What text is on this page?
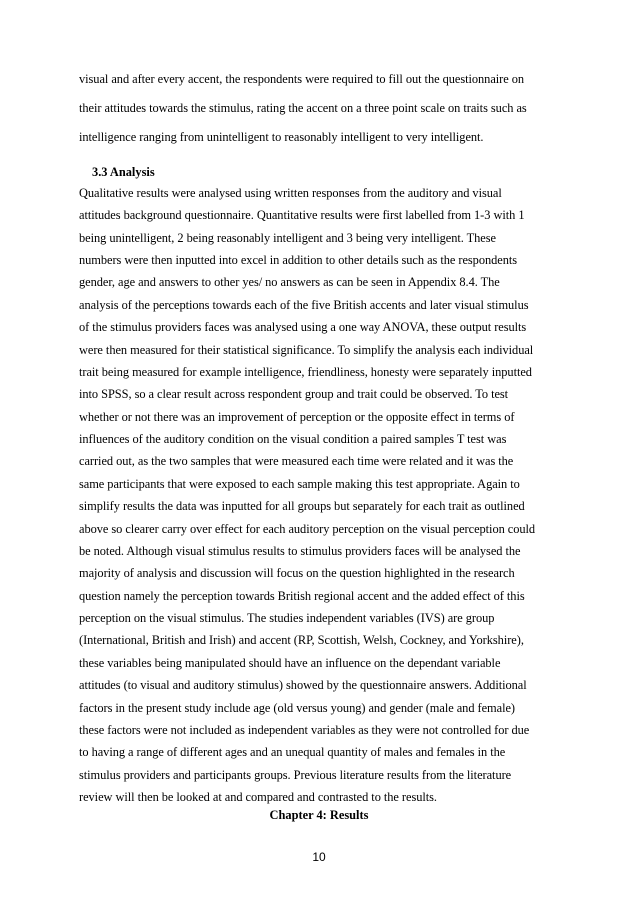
visual and after every accent, the respondents were required to fill out the questionnaire on
their attitudes towards the stimulus, rating the accent on a three point scale on traits such as
intelligence ranging from unintelligent to reasonably intelligent to very intelligent.
3.3 Analysis
Qualitative results were analysed using written responses from the auditory and visual
attitudes background questionnaire. Quantitative results were first labelled from 1-3 with 1
being unintelligent, 2 being reasonably intelligent and 3 being very intelligent. These
numbers were then inputted into excel in addition to other details such as the respondents
gender, age and answers to other yes/ no answers as can be seen in Appendix 8.4. The
analysis of the perceptions towards each of the five British accents and later visual stimulus
of the stimulus providers faces was analysed using a one way ANOVA, these output results
were then measured for their statistical significance. To simplify the analysis each individual
trait being measured for example intelligence, friendliness, honesty were separately inputted
into SPSS, so a clear result across respondent group and trait could be observed. To test
whether or not there was an improvement of perception or the opposite effect in terms of
influences of the auditory condition on the visual condition a paired samples T test was
carried out, as the two samples that were measured each time were related and it was the
same participants that were exposed to each sample making this test appropriate. Again to
simplify results the data was inputted for all groups but separately for each trait as outlined
above so clearer carry over effect for each auditory perception on the visual perception could
be noted. Although visual stimulus results to stimulus providers faces will be analysed the
majority of analysis and discussion will focus on the question highlighted in the research
question namely the perception towards British regional accent and the added effect of this
perception on the visual stimulus. The studies independent variables (IVS) are group
(International, British and Irish) and accent (RP, Scottish, Welsh, Cockney, and Yorkshire),
these variables being manipulated should have an influence on the dependant variable
attitudes (to visual and auditory stimulus) showed by the questionnaire answers. Additional
factors in the present study include age (old versus young) and gender (male and female)
these factors were not included as independent variables as they were not controlled for due
to having a range of different ages and an unequal quantity of males and females in the
stimulus providers and participants groups. Previous literature results from the literature
review will then be looked at and compared and contrasted to the results.
Chapter 4: Results
10
